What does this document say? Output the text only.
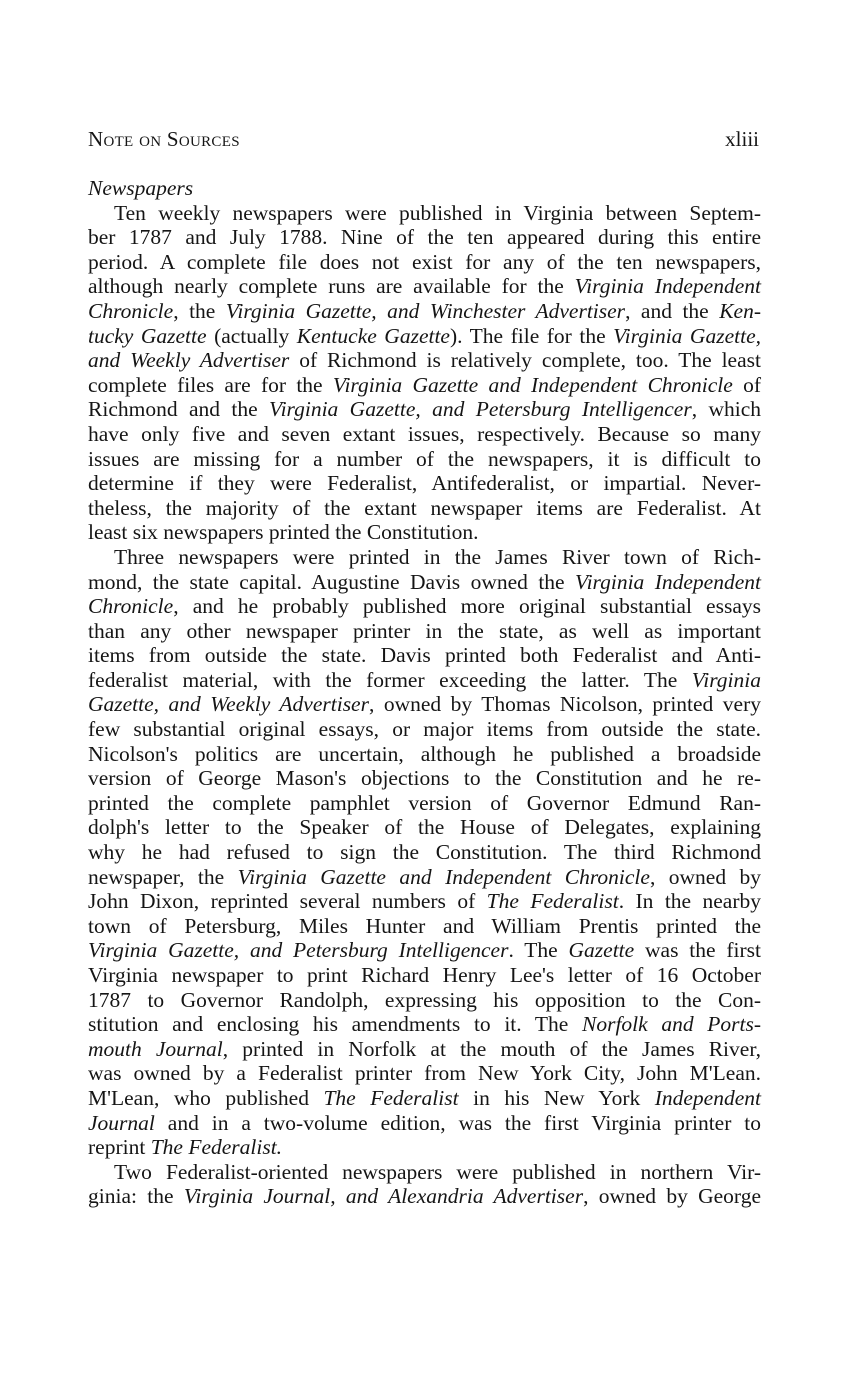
Note on Sources	xliii
Newspapers
Ten weekly newspapers were published in Virginia between Septem-
ber 1787 and July 1788. Nine of the ten appeared during this entire
period. A complete file does not exist for any of the ten newspapers,
although nearly complete runs are available for the Virginia Independent
Chronicle, the Virginia Gazette, and Winchester Advertiser, and the Ken-
tucky Gazette (actually Kentucke Gazette). The file for the Virginia Gazette,
and Weekly Advertiser of Richmond is relatively complete, too. The least
complete files are for the Virginia Gazette and Independent Chronicle of
Richmond and the Virginia Gazette, and Petersburg Intelligencer, which
have only five and seven extant issues, respectively. Because so many
issues are missing for a number of the newspapers, it is difficult to
determine if they were Federalist, Antifederalist, or impartial. Never-
theless, the majority of the extant newspaper items are Federalist. At
least six newspapers printed the Constitution.
Three newspapers were printed in the James River town of Rich-
mond, the state capital. Augustine Davis owned the Virginia Independent
Chronicle, and he probably published more original substantial essays
than any other newspaper printer in the state, as well as important
items from outside the state. Davis printed both Federalist and Anti-
federalist material, with the former exceeding the latter. The Virginia
Gazette, and Weekly Advertiser, owned by Thomas Nicolson, printed very
few substantial original essays, or major items from outside the state.
Nicolson's politics are uncertain, although he published a broadside
version of George Mason's objections to the Constitution and he re-
printed the complete pamphlet version of Governor Edmund Ran-
dolph's letter to the Speaker of the House of Delegates, explaining
why he had refused to sign the Constitution. The third Richmond
newspaper, the Virginia Gazette and Independent Chronicle, owned by
John Dixon, reprinted several numbers of The Federalist. In the nearby
town of Petersburg, Miles Hunter and William Prentis printed the
Virginia Gazette, and Petersburg Intelligencer. The Gazette was the first
Virginia newspaper to print Richard Henry Lee's letter of 16 October
1787 to Governor Randolph, expressing his opposition to the Con-
stitution and enclosing his amendments to it. The Norfolk and Ports-
mouth Journal, printed in Norfolk at the mouth of the James River,
was owned by a Federalist printer from New York City, John M'Lean.
M'Lean, who published The Federalist in his New York Independent
Journal and in a two-volume edition, was the first Virginia printer to
reprint The Federalist.
Two Federalist-oriented newspapers were published in northern Vir-
ginia: the Virginia Journal, and Alexandria Advertiser, owned by George
